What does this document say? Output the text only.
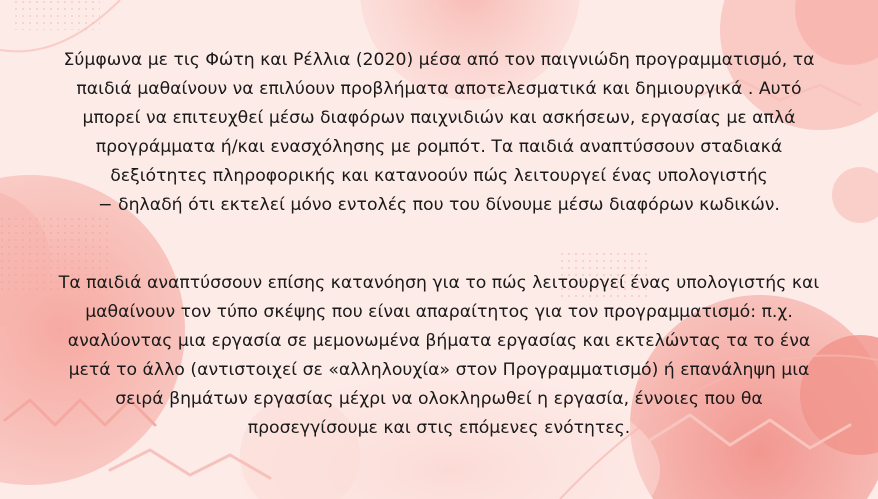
Σύμφωνα με τις Φώτη και Ρέλλια (2020) μέσα από τον παιγνιώδη προγραμματισμό, τα
παιδιά μαθαίνουν να επιλύουν προβλήματα αποτελεσματικά και δημιουργικά . Αυτό
μπορεί να επιτευχθεί μέσω διαφόρων παιχνιδιών και ασκήσεων, εργασίας με απλά
προγράμματα ή/και ενασχόλησης με ρομπότ. Τα παιδιά αναπτύσσουν σταδιακά
δεξιότητες πληροφορικής και κατανοούν πώς λειτουργεί ένας υπολογιστής
− δηλαδή ότι εκτελεί μόνο εντολές που του δίνουμε μέσω διαφόρων κωδικών.

Τα παιδιά αναπτύσσουν επίσης κατανόηση για το πώς λειτουργεί ένας υπολογιστής και
μαθαίνουν τον τύπο σκέψης που είναι απαραίτητος για τον προγραμματισμό: π.χ.
αναλύοντας μια εργασία σε μεμονωμένα βήματα εργασίας και εκτελώντας τα το ένα
μετά το άλλο (αντιστοιχεί σε «αλληλουχία» στον Προγραμματισμό) ή επανάληψη μια
σειρά βημάτων εργασίας μέχρι να ολοκληρωθεί η εργασία, έννοιες που θα
προσεγγίσουμε και στις επόμενες ενότητες.
